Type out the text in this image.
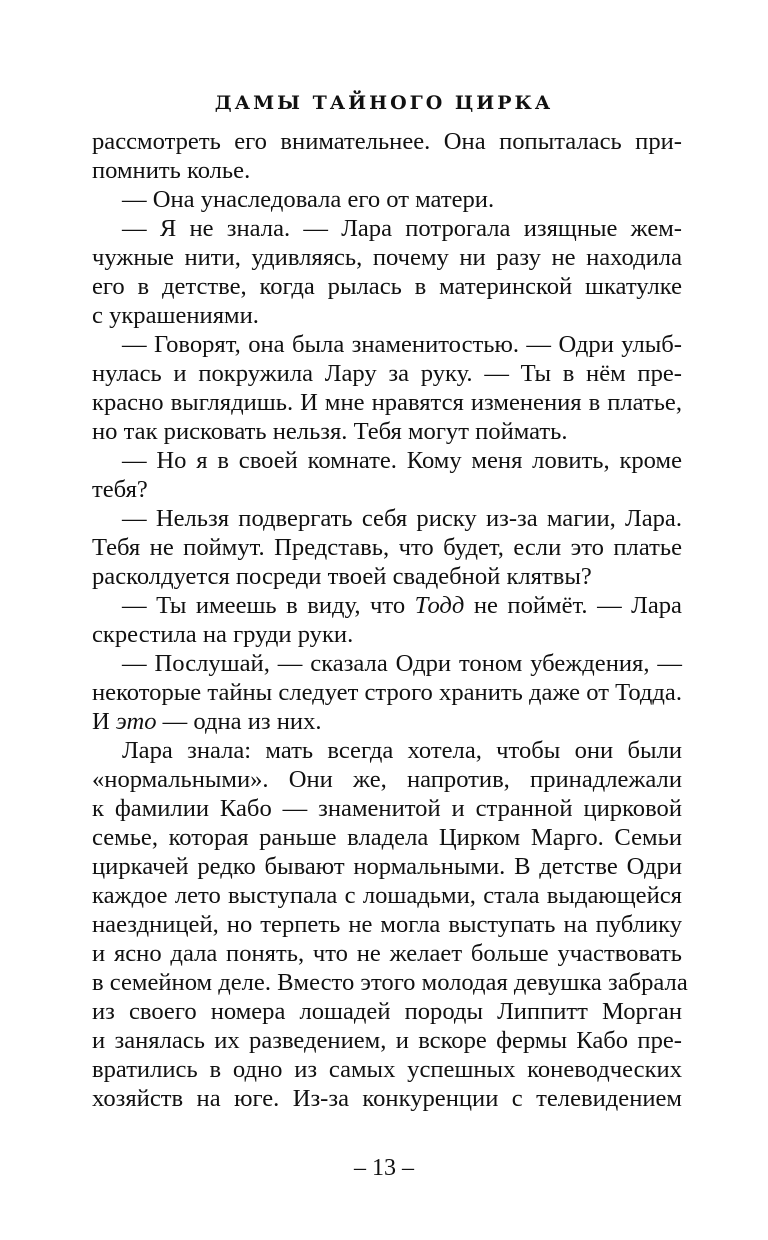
ДАМЫ ТАЙНОГО ЦИРКА
рассмотреть его внимательнее. Она попыталась при-
помнить колье.
— Она унаследовала его от матери.
— Я не знала. — Лара потрогала изящные жем-
чужные нити, удивляясь, почему ни разу не находила
его в детстве, когда рылась в материнской шкатулке
с украшениями.
— Говорят, она была знаменитостью. — Одри улыб-
нулась и покружила Лару за руку. — Ты в нём пре-
красно выглядишь. И мне нравятся изменения в платье,
но так рисковать нельзя. Тебя могут поймать.
— Но я в своей комнате. Кому меня ловить, кроме
тебя?
— Нельзя подвергать себя риску из-за магии, Лара.
Тебя не поймут. Представь, что будет, если это платье
расколдуется посреди твоей свадебной клятвы?
— Ты имеешь в виду, что Тодд не поймёт. — Лара
скрестила на груди руки.
— Послушай, — сказала Одри тоном убеждения, —
некоторые тайны следует строго хранить даже от Тодда.
И это — одна из них.
Лара знала: мать всегда хотела, чтобы они были
«нормальными». Они же, напротив, принадлежали
к фамилии Кабо — знаменитой и странной цирковой
семье, которая раньше владела Цирком Марго. Семьи
циркачей редко бывают нормальными. В детстве Одри
каждое лето выступала с лошадьми, стала выдающейся
наездницей, но терпеть не могла выступать на публику
и ясно дала понять, что не желает больше участвовать
в семейном деле. Вместо этого молодая девушка забрала
из своего номера лошадей породы Липпитт Морган
и занялась их разведением, и вскоре фермы Кабо пре-
вратились в одно из самых успешных коневодческих
хозяйств на юге. Из-за конкуренции с телевидением
– 13 –
